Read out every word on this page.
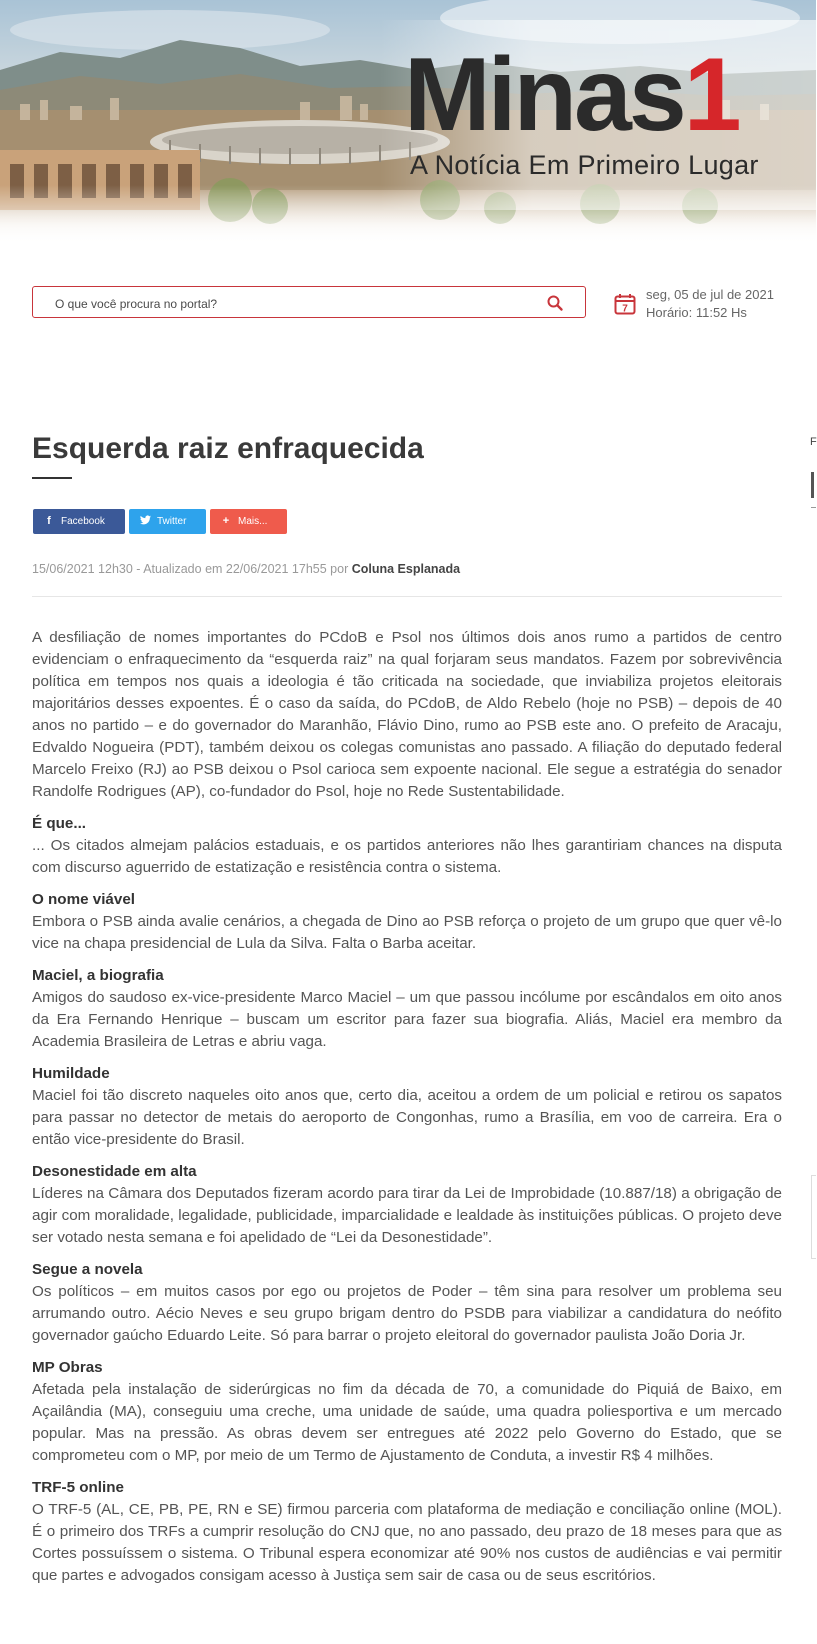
Minas1
A Notícia Em Primeiro Lugar
O que você procura no portal?
7
seg, 05 de jul de 2021
Horário: 11:52 Hs
Esquerda raiz enfraquecida
f Facebook	Twitter	+ Mais...
15/06/2021 12h30 - Atualizado em 22/06/2021 17h55 por Coluna Esplanada

A desfiliação de nomes importantes do PCdoB e Psol nos últimos dois anos rumo a partidos de centro evidenciam o enfraquecimento da “esquerda raiz” na qual forjaram seus mandatos. Fazem por sobrevivência política em tempos nos quais a ideologia é tão criticada na sociedade, que inviabiliza projetos eleitorais majoritários desses expoentes. É o caso da saída, do PCdoB, de Aldo Rebelo (hoje no PSB) – depois de 40 anos no partido – e do governador do Maranhão, Flávio Dino, rumo ao PSB este ano. O prefeito de Aracaju, Edvaldo Nogueira (PDT), também deixou os colegas comunistas ano passado. A filiação do deputado federal Marcelo Freixo (RJ) ao PSB deixou o Psol carioca sem expoente nacional. Ele segue a estratégia do senador Randolfe Rodrigues (AP), co-fundador do Psol, hoje no Rede Sustentabilidade.

É que...

... Os citados almejam palácios estaduais, e os partidos anteriores não lhes garantiriam chances na disputa com discurso aguerrido de estatização e resistência contra o sistema.

O nome viável

Embora o PSB ainda avalie cenários, a chegada de Dino ao PSB reforça o projeto de um grupo que quer vê-lo vice na chapa presidencial de Lula da Silva. Falta o Barba aceitar.

Maciel, a biografia

Amigos do saudoso ex-vice-presidente Marco Maciel – um que passou incólume por escândalos em oito anos da Era Fernando Henrique – buscam um escritor para fazer sua biografia. Aliás, Maciel era membro da Academia Brasileira de Letras e abriu vaga.

Humildade

Maciel foi tão discreto naqueles oito anos que, certo dia, aceitou a ordem de um policial e retirou os sapatos para passar no detector de metais do aeroporto de Congonhas, rumo a Brasília, em voo de carreira. Era o então vice-presidente do Brasil.

Desonestidade em alta

Líderes na Câmara dos Deputados fizeram acordo para tirar da Lei de Improbidade (10.887/18) a obrigação de agir com moralidade, legalidade, publicidade, imparcialidade e lealdade às instituições públicas. O projeto deve ser votado nesta semana e foi apelidado de “Lei da Desonestidade”.

Segue a novela

Os políticos – em muitos casos por ego ou projetos de Poder – têm sina para resolver um problema seu arrumando outro. Aécio Neves e seu grupo brigam dentro do PSDB para viabilizar a candidatura do neófito governador gaúcho Eduardo Leite. Só para barrar o projeto eleitoral do governador paulista João Doria Jr.

MP Obras

Afetada pela instalação de siderúrgicas no fim da década de 70, a comunidade do Piquiá de Baixo, em Açailândia (MA), conseguiu uma creche, uma unidade de saúde, uma quadra poliesportiva e um mercado popular. Mas na pressão. As obras devem ser entregues até 2022 pelo Governo do Estado, que se comprometeu com o MP, por meio de um Termo de Ajustamento de Conduta, a investir R$ 4 milhões.

TRF-5 online

O TRF-5 (AL, CE, PB, PE, RN e SE) firmou parceria com plataforma de mediação e conciliação online (MOL). É o primeiro dos TRFs a cumprir resolução do CNJ que, no ano passado, deu prazo de 18 meses para que as Cortes possuíssem o sistema. O Tribunal espera economizar até 90% nos custos de audiências e vai permitir que partes e advogados consigam acesso à Justiça sem sair de casa ou de seus escritórios.

F
